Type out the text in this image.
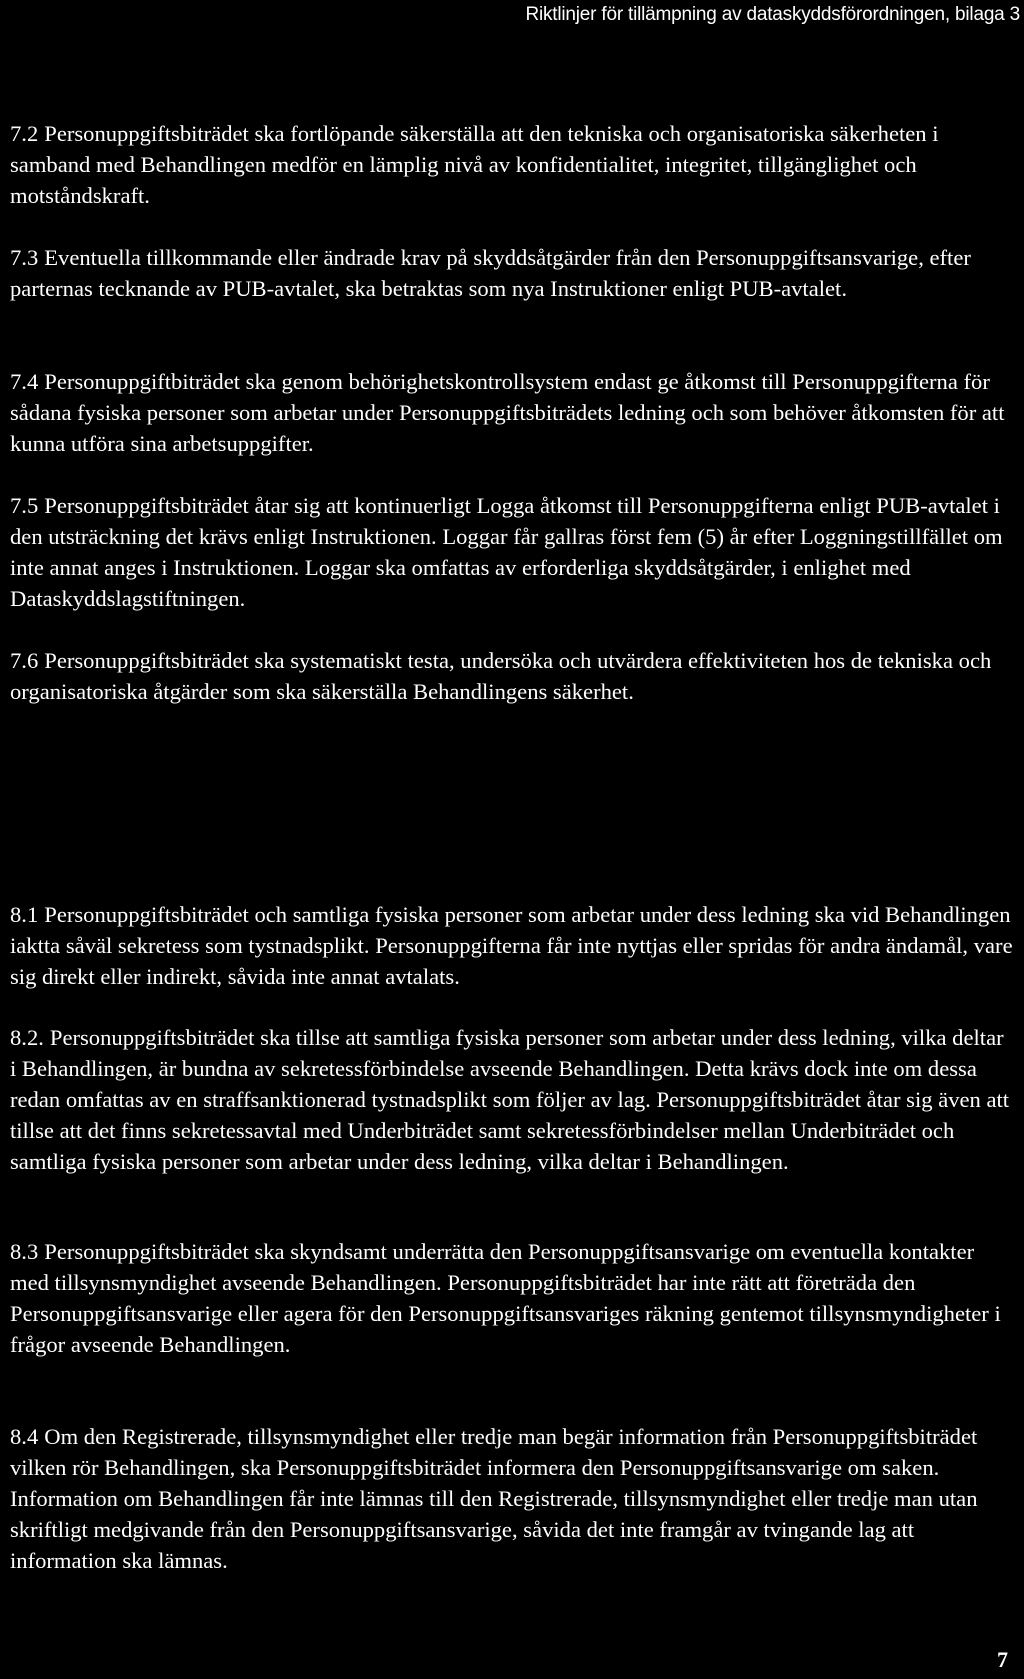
Riktlinjer för tillämpning av dataskyddsförordningen, bilaga 3

7.2 Personuppgiftsbiträdet ska fortlöpande säkerställa att den tekniska och organisatoriska säkerheten i samband med Behandlingen medför en lämplig nivå av konfidentialitet, integritet, tillgänglighet och motståndskraft.

7.3 Eventuella tillkommande eller ändrade krav på skyddsåtgärder från den Personuppgiftsansvarige, efter parternas tecknande av PUB-avtalet, ska betraktas som nya Instruktioner enligt PUB-avtalet.

7.4 Personuppgiftbiträdet ska genom behörighetskontrollsystem endast ge åtkomst till Personuppgifterna för sådana fysiska personer som arbetar under Personuppgiftsbiträdets ledning och som behöver åtkomsten för att kunna utföra sina arbetsuppgifter.

7.5 Personuppgiftsbiträdet åtar sig att kontinuerligt Logga åtkomst till Personuppgifterna enligt PUB-avtalet i den utsträckning det krävs enligt Instruktionen. Loggar får gallras först fem (5) år efter Loggningstillfället om inte annat anges i Instruktionen. Loggar ska omfattas av erforderliga skyddsåtgärder, i enlighet med Dataskyddslagstiftningen.

7.6 Personuppgiftsbiträdet ska systematiskt testa, undersöka och utvärdera effektiviteten hos de tekniska och organisatoriska åtgärder som ska säkerställa Behandlingens säkerhet.

8.1 Personuppgiftsbiträdet och samtliga fysiska personer som arbetar under dess ledning ska vid Behandlingen iaktta såväl sekretess som tystnadsplikt. Personuppgifterna får inte nyttjas eller spridas för andra ändamål, vare sig direkt eller indirekt, såvida inte annat avtalats.

8.2. Personuppgiftsbiträdet ska tillse att samtliga fysiska personer som arbetar under dess ledning, vilka deltar i Behandlingen, är bundna av sekretessförbindelse avseende Behandlingen. Detta krävs dock inte om dessa redan omfattas av en straffsanktionerad tystnadsplikt som följer av lag. Personuppgiftsbiträdet åtar sig även att tillse att det finns sekretessavtal med Underbiträdet samt sekretessförbindelser mellan Underbiträdet och samtliga fysiska personer som arbetar under dess ledning, vilka deltar i Behandlingen.

8.3 Personuppgiftsbiträdet ska skyndsamt underrätta den Personuppgiftsansvarige om eventuella kontakter med tillsynsmyndighet avseende Behandlingen. Personuppgiftsbiträdet har inte rätt att företräda den Personuppgiftsansvarige eller agera för den Personuppgiftsansvariges räkning gentemot tillsynsmyndigheter i frågor avseende Behandlingen.

8.4 Om den Registrerade, tillsynsmyndighet eller tredje man begär information från Personuppgiftsbiträdet vilken rör Behandlingen, ska Personuppgiftsbiträdet informera den Personuppgiftsansvarige om saken. Information om Behandlingen får inte lämnas till den Registrerade, tillsynsmyndighet eller tredje man utan skriftligt medgivande från den Personuppgiftsansvarige, såvida det inte framgår av tvingande lag att information ska lämnas.

7
